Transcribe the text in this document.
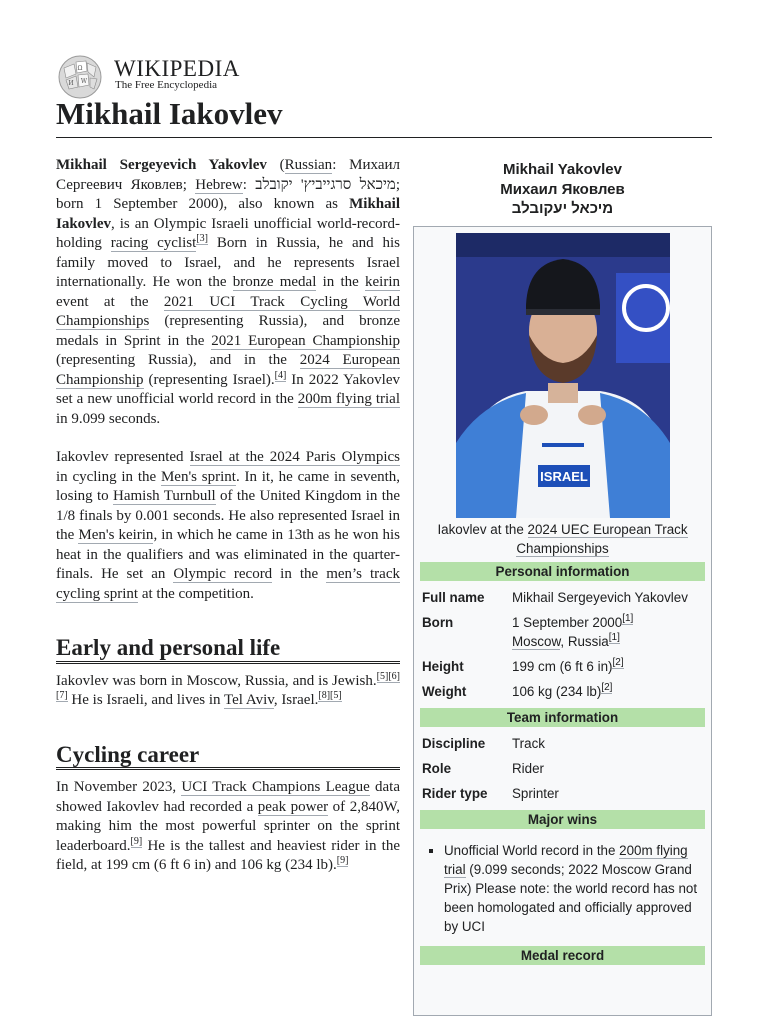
Ω
И W
WIKIPEDIA
The Free Encyclopedia
Mikhail Iakovlev

Mikhail Sergeyevich Yakovlev (Russian: Михаил Сергеевич Яковлев; Hebrew: מיכאל סרגייביץ' יקובלב; born 1 September 2000), also known as Mikhail Iakovlev, is an Olympic Israeli unofficial world-record-holding racing cyclist[3] Born in Russia, he and his family moved to Israel, and he represents Israel internationally. He won the bronze medal in the keirin event at the 2021 UCI Track Cycling World Championships (representing Russia), and bronze medals in Sprint in the 2021 European Championship (representing Russia), and in the 2024 European Championship (representing Israel).[4] In 2022 Yakovlev set a new unofficial world record in the 200m flying trial in 9.099 seconds.

Iakovlev represented Israel at the 2024 Paris Olympics in cycling in the Men's sprint. In it, he came in seventh, losing to Hamish Turnbull of the United Kingdom in the 1/8 finals by 0.001 seconds. He also represented Israel in the Men's keirin, in which he came in 13th as he won his heat in the qualifiers and was eliminated in the quarter-finals. He set an Olympic record in the men’s track cycling sprint at the competition.

Early and personal life

Iakovlev was born in Moscow, Russia, and is Jewish.[5][6][7] He is Israeli, and lives in Tel Aviv, Israel.[8][5]

Cycling career

In November 2023, UCI Track Champions League data showed Iakovlev had recorded a peak power of 2,840W, making him the most powerful sprinter on the sprint leaderboard.[9] He is the tallest and heaviest rider in the field, at 199 cm (6 ft 6 in) and 106 kg (234 lb).[9]

Mikhail Yakovlev
Михаил Яковлев
מיכאל יעקובלב
ISRAEL
Iakovlev at the 2024 UEC European Track Championships
Personal information
Full name	Mikhail Sergeyevich Yakovlev
Born	1 September 2000[1]
Moscow, Russia[1]
Height	199 cm (6 ft 6 in)[2]
Weight	106 kg (234 lb)[2]
Team information
Discipline	Track
Role	Rider
Rider type	Sprinter
Major wins
▪ Unofficial World record in the 200m flying trial (9.099 seconds; 2022 Moscow Grand Prix) Please note: the world record has not been homologated and officially approved by UCI
Medal record
